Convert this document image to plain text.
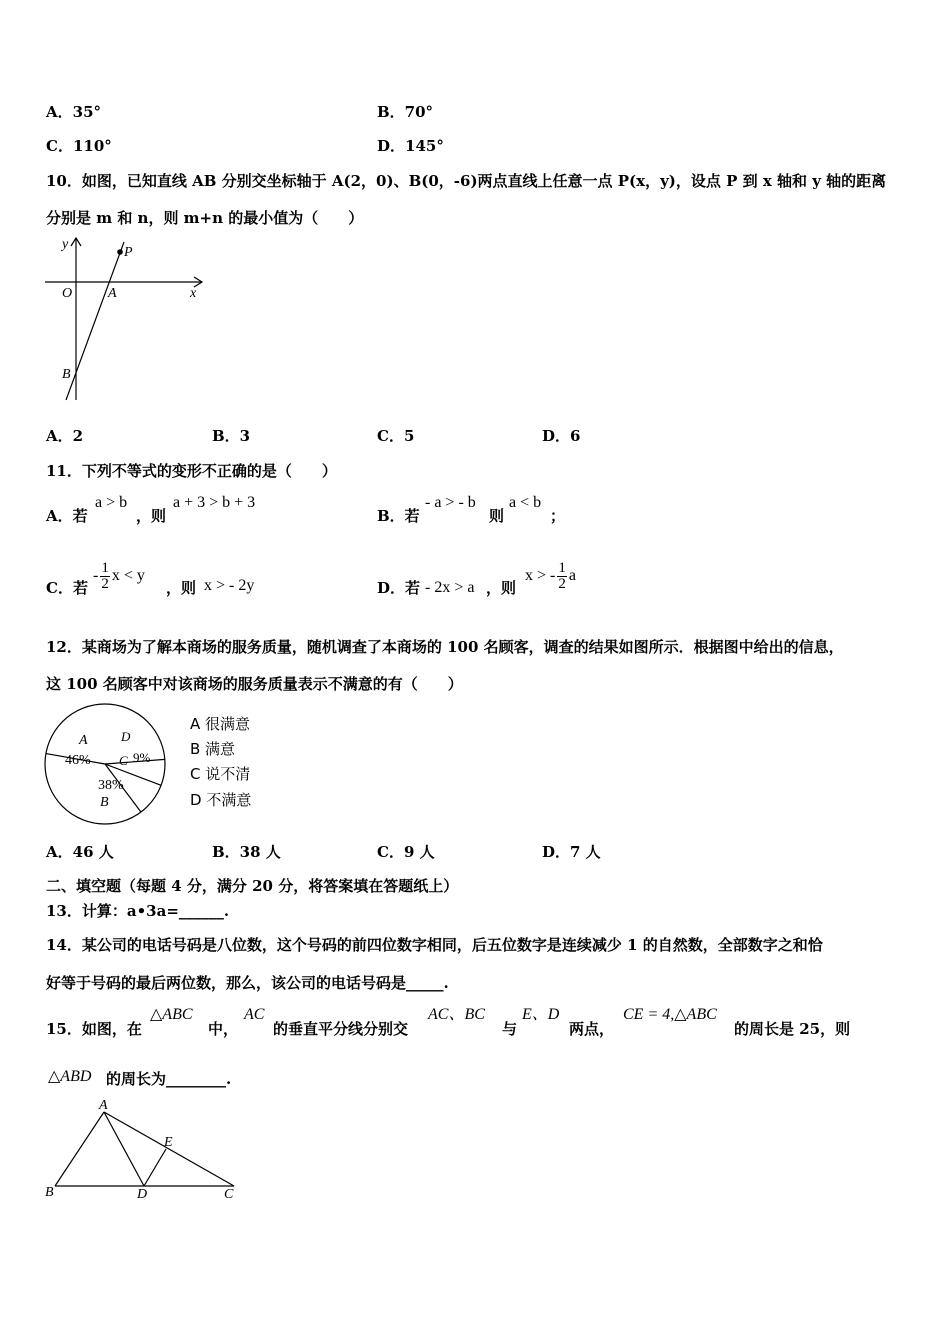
A．35°	B．70°
C．110°	D．145°
10．如图，已知直线 AB 分别交坐标轴于 A(2，0)、B(0，-6)两点直线上任意一点 P(x，y)，设点 P 到 x 轴和 y 轴的距离
分别是 m 和 n，则 m+n 的最小值为（　　）
y
x
O	A
B
P
A．2	B．3	C．5	D．6
11．下列不等式的变形不正确的是（　　）
A．若
a > b
，则
a + 3 > b + 3
B．若
- a > - b
则
a < b
；
C．若
- $\frac{1}{2}$ x < y
，则 x > - 2y	D．若 - 2x > a ，则
x > - $\frac{1}{2}$ a
12．某商场为了解本商场的服务质量，随机调查了本商场的 100 名顾客，调查的结果如图所示．根据图中给出的信息，
这 100 名顾客中对该商场的服务质量表示不满意的有（　　）
A
46%
38%
B
C 9%
D
A 很满意
B 满意
C 说不清
D 不满意
A．46 人	B．38 人	C．9 人	D．7 人
二、填空题（每题 4 分，满分 20 分，将答案填在答题纸上）
13．计算：a•3a=______.
14．某公司的电话号码是八位数，这个号码的前四位数字相同，后五位数字是连续减少 1 的自然数，全部数字之和恰
好等于号码的最后两位数，那么，该公司的电话号码是_____.
15．如图，在
△ABC
中，
AC
的垂直平分线分别交
AC、BC
与
E、D
两点，
CE = 4,△ABC
的周长是 25，则
△ABD 的周长为________.
A
B	C
D
E
